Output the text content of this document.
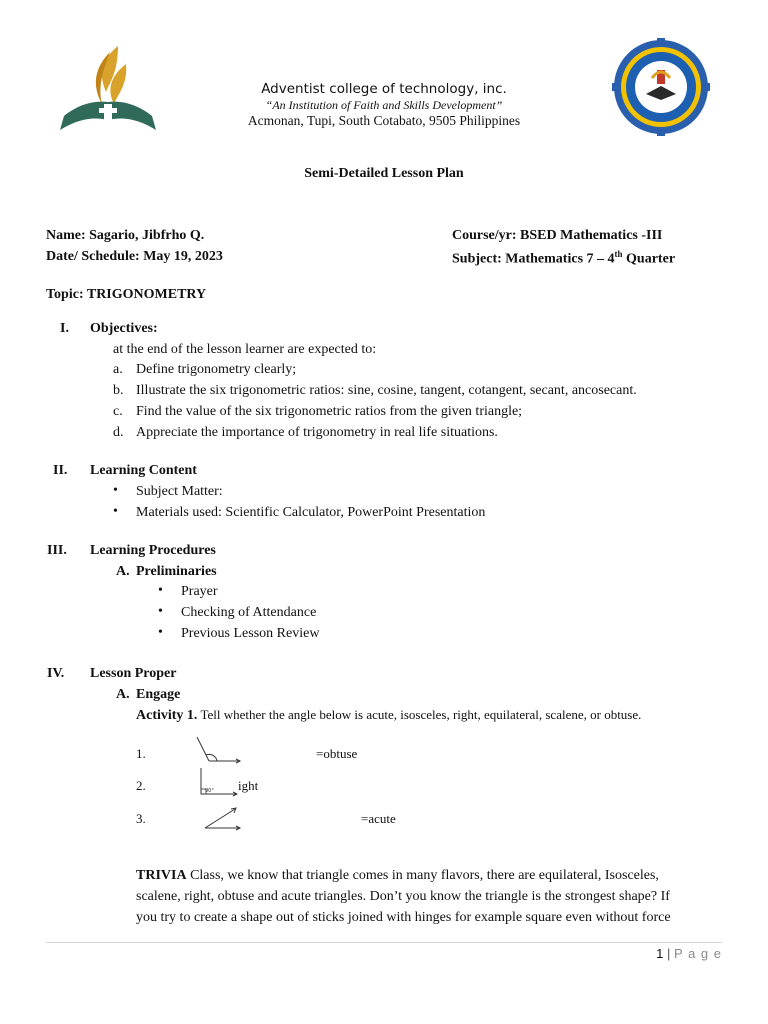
Adventist college of technology, inc.
“An Institution of Faith and Skills Development”
Acmonan, Tupi, South Cotabato, 9505 Philippines
Semi-Detailed Lesson Plan
Name: Sagario, Jibfrho Q.
Date/ Schedule: May 19, 2023
Course/yr: BSED Mathematics -III
Subject: Mathematics 7 – 4th Quarter
Topic: TRIGONOMETRY
I. Objectives:
at the end of the lesson learner are expected to:
a. Define trigonometry clearly;
b. Illustrate the six trigonometric ratios: sine, cosine, tangent, cotangent, secant, ancosecant.
c. Find the value of the six trigonometric ratios from the given triangle;
d. Appreciate the importance of trigonometry in real life situations.
II. Learning Content
• Subject Matter:
• Materials used: Scientific Calculator, PowerPoint Presentation
III. Learning Procedures
A. Preliminaries
• Prayer
• Checking of Attendance
• Previous Lesson Review
IV. Lesson Proper
A. Engage
Activity 1. Tell whether the angle below is acute, isosceles, right, equilateral, scalene, or obtuse.
1.	=obtuse
2.	90° ight
3.	=acute
TRIVIA Class, we know that triangle comes in many flavors, there are equilateral, Isosceles,
scalene, right, obtuse and acute triangles. Don’t you know the triangle is the strongest shape? If
you try to create a shape out of sticks joined with hinges for example square even without force
1 | P a g e
